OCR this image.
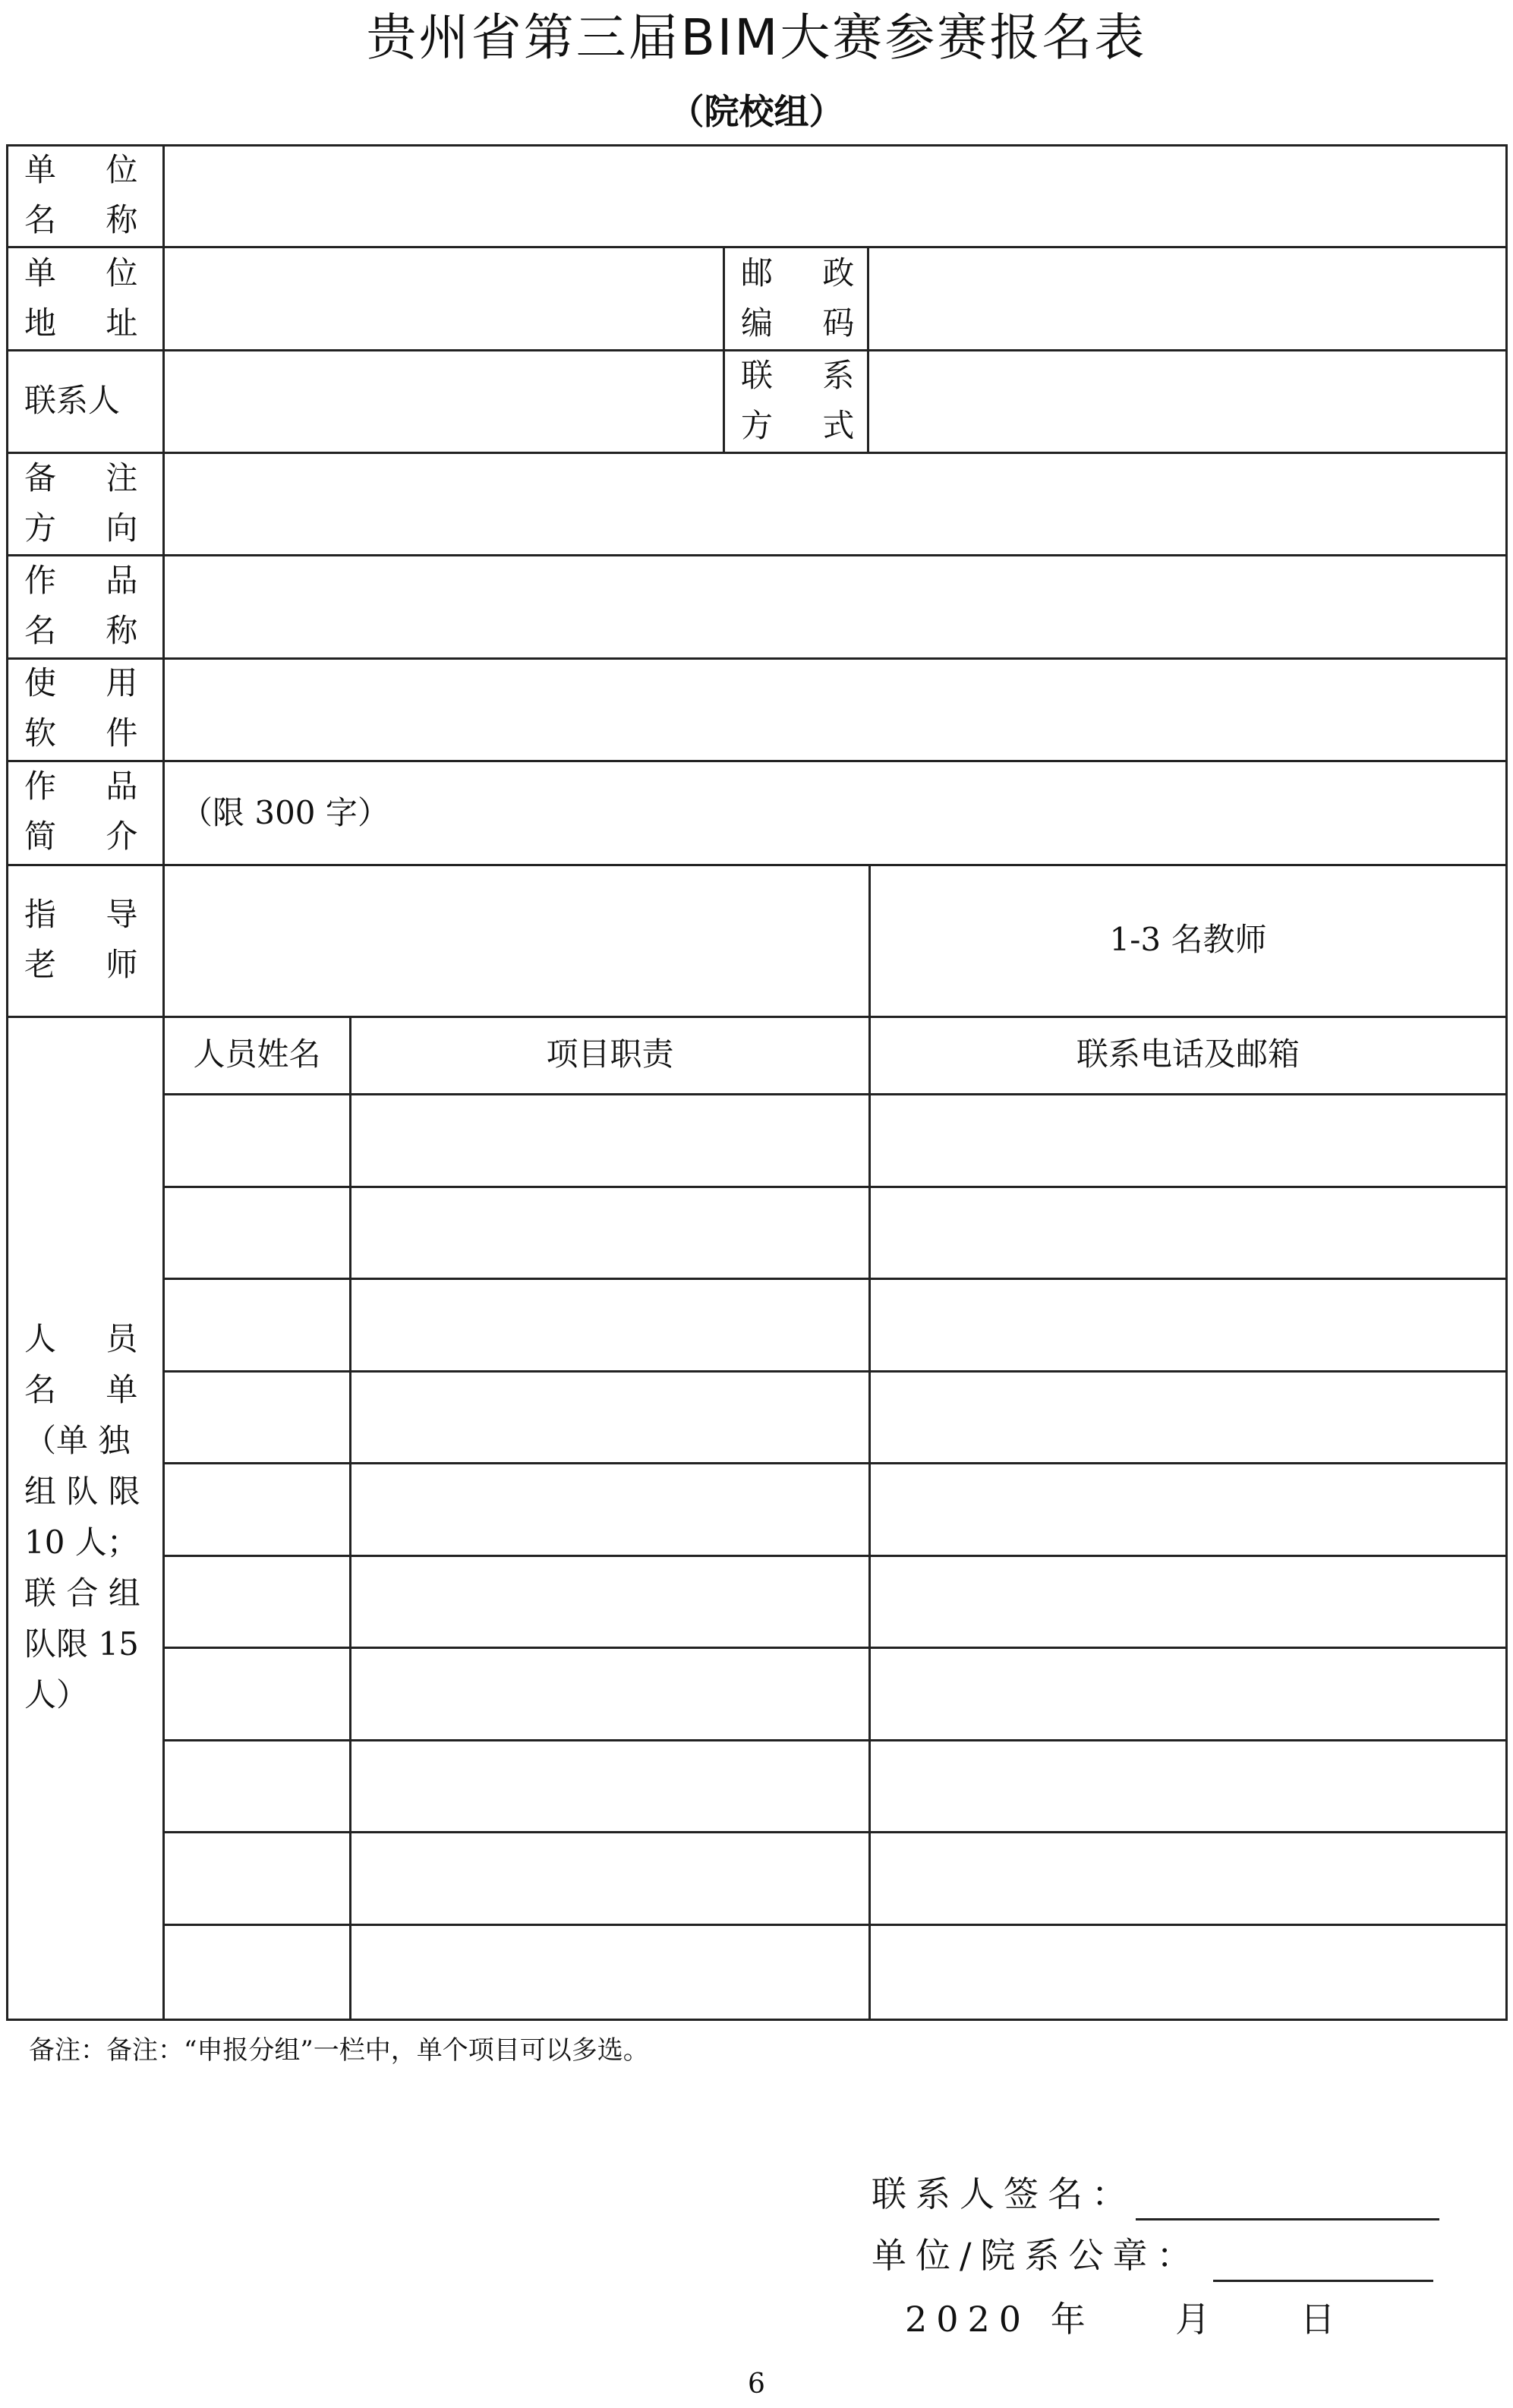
贵州省第三届BIM大赛参赛报名表
（院校组）
单 位
名 称
单 位
地 址
邮 政
编 码
联系人
联 系
方 式
备 注
方 向
作 品
名 称
使 用
软 件
作 品
简 介
（限 300 字）
指 导
老 师
1-3 名教师
人 员
名 单
（单 独
组 队 限
10 人；
联 合 组
队限 15
人）
人员姓名	项目职责	联系电话及邮箱
备注：备注：“申报分组”一栏中，单个项目可以多选。
联系人签名：
单位/院系公章：
2020 年    月    日
6
